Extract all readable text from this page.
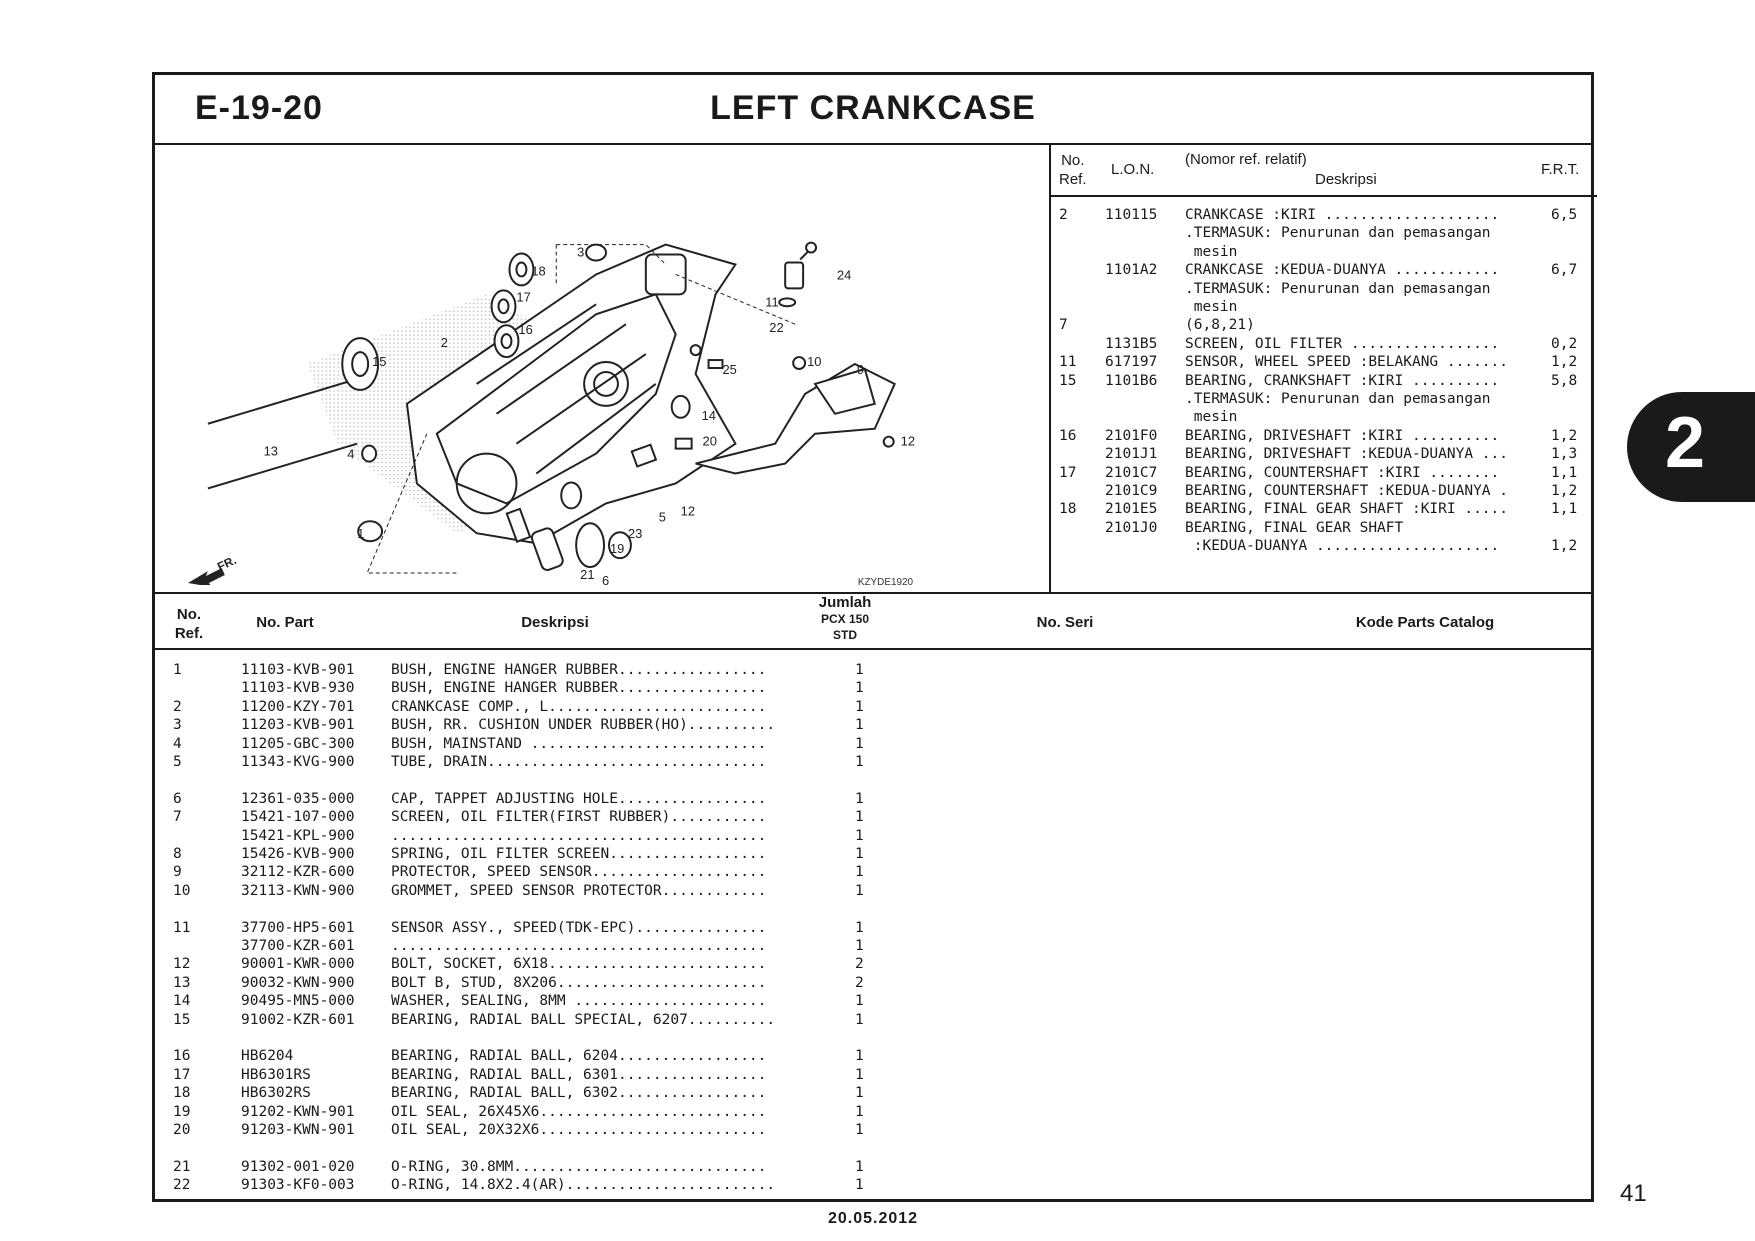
E-19-20	LEFT CRANKCASE
No.
Ref.
L.O.N.
(Nomor ref. relatif)
Deskripsi
F.R.T.
2	110115 CRANKCASE :KIRI ....................	6,5
.TERMASUK: Penurunan dan pemasangan
mesin
1101A2 CRANKCASE :KEDUA-DUANYA ............	6,7
.TERMASUK: Penurunan dan pemasangan
mesin
7	(6,8,21)
1131B5 SCREEN, OIL FILTER .................	0,2
11 617197 SENSOR, WHEEL SPEED :BELAKANG .......	1,2
15 1101B6 BEARING, CRANKSHAFT :KIRI ..........	5,8
.TERMASUK: Penurunan dan pemasangan
mesin
16 2101F0 BEARING, DRIVESHAFT :KIRI ..........	1,2
2101J1 BEARING, DRIVESHAFT :KEDUA-DUANYA ...	1,3
17 2101C7 BEARING, COUNTERSHAFT :KIRI ........	1,1
2101C9 BEARING, COUNTERSHAFT :KEDUA-DUANYA .	1,2
18 2101E5 BEARING, FINAL GEAR SHAFT :KIRI .....	1,1
2101J0 BEARING, FINAL GEAR SHAFT
:KEDUA-DUANYA .....................	1,2
FR.
KZYDE1920
1
2
3
4
5
6
9
10
11
12
12
13
14
15
16
17
18
19
20
21
22
23
24
25
No.
Ref.
No. Part	Deskripsi
Jumlah
PCX 150
STD
No. Seri	Kode Parts Catalog
1	11103-KVB-901	BUSH, ENGINE HANGER RUBBER.................	1
11103-KVB-930	BUSH, ENGINE HANGER RUBBER.................	1
2	11200-KZY-701	CRANKCASE COMP., L.........................	1
3	11203-KVB-901	BUSH, RR. CUSHION UNDER RUBBER(HO)..........	1
4	11205-GBC-300	BUSH, MAINSTAND ...........................	1
5	11343-KVG-900	TUBE, DRAIN................................	1
6	12361-035-000	CAP, TAPPET ADJUSTING HOLE.................	1
7	15421-107-000	SCREEN, OIL FILTER(FIRST RUBBER)...........	1
15421-KPL-900	...........................................	1
8	15426-KVB-900	SPRING, OIL FILTER SCREEN..................	1
9	32112-KZR-600	PROTECTOR, SPEED SENSOR....................	1
10	32113-KWN-900	GROMMET, SPEED SENSOR PROTECTOR............	1
11	37700-HP5-601	SENSOR ASSY., SPEED(TDK-EPC)...............	1
37700-KZR-601	...........................................	1
12	90001-KWR-000	BOLT, SOCKET, 6X18.........................	2
13	90032-KWN-900	BOLT B, STUD, 8X206........................	2
14	90495-MN5-000	WASHER, SEALING, 8MM ......................	1
15	91002-KZR-601	BEARING, RADIAL BALL SPECIAL, 6207..........	1
16	HB6204	BEARING, RADIAL BALL, 6204.................	1
17	HB6301RS	BEARING, RADIAL BALL, 6301.................	1
18	HB6302RS	BEARING, RADIAL BALL, 6302.................	1
19	91202-KWN-901	OIL SEAL, 26X45X6..........................	1
20	91203-KWN-901	OIL SEAL, 20X32X6..........................	1
21	91302-001-020	O-RING, 30.8MM.............................	1
22	91303-KF0-003	O-RING, 14.8X2.4(AR)........................	1
2
41
20.05.2012
